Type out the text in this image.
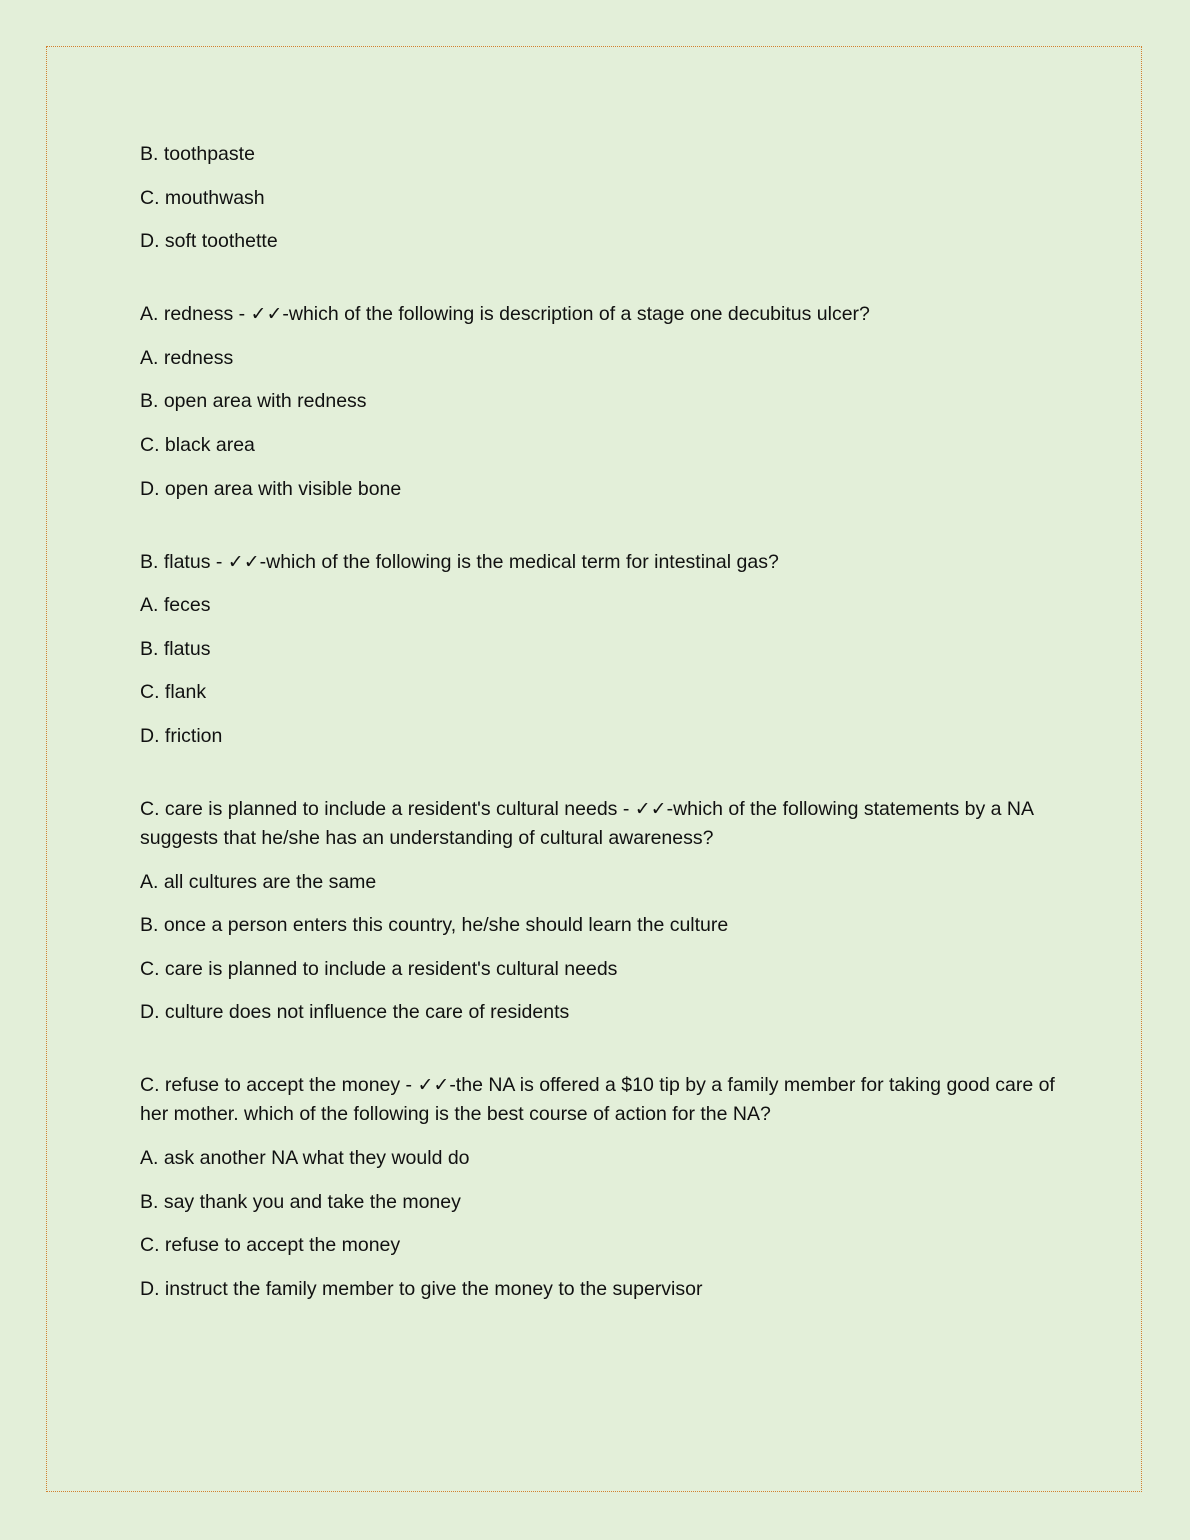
B. toothpaste

C. mouthwash

D. soft toothette

A. redness - ✓✓-which of the following is description of a stage one decubitus ulcer?

A. redness

B. open area with redness

C. black area

D. open area with visible bone

B. flatus - ✓✓-which of the following is the medical term for intestinal gas?

A. feces

B. flatus

C. flank

D. friction

C. care is planned to include a resident's cultural needs - ✓✓-which of the following statements by a NA suggests that he/she has an understanding of cultural awareness?

A. all cultures are the same

B. once a person enters this country, he/she should learn the culture

C. care is planned to include a resident's cultural needs

D. culture does not influence the care of residents

C. refuse to accept the money - ✓✓-the NA is offered a $10 tip by a family member for taking good care of her mother. which of the following is the best course of action for the NA?

A. ask another NA what they would do

B. say thank you and take the money

C. refuse to accept the money

D. instruct the family member to give the money to the supervisor
